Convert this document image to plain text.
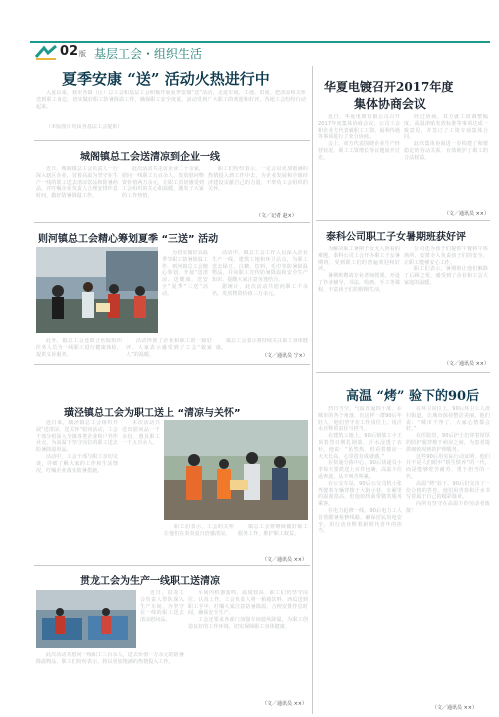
02 版 基层工会・组织生活
夏季安康 “送” 活动火热进行中

入夏以来，我市各镇（区）总工会和基层工会积极开展夏季安康“送”活动，走进车间、工地、田间，把清凉和关怀送到职工身边，切实做好职工防暑降温工作，确保职工安全度夏，活动受到广大职工的欢迎和好评。各地工会纷纷行动起来。

（本版图片均由各基层工会提供）

城阁镇总工会送清凉到企业一线

近日，城阁镇总工会负责人一行深入辖区企业，冒着高温为坚守在生产一线的职工送去清凉饮品和防暑药品，并叮嘱企业负责人合理安排作息时间，做好防暑降温工作。

此次活动共走访企业二十余家，慰问一线职工五百余人，发放慰问物资价值两万余元，让职工真切感受到工会组织的关心和温暖，激发了大家的工作热情。

职工们纷纷表示，一定会以更加饱满的热情投入到工作中去，为企业发展和全镇经济建设贡献自己的力量，不辜负工会组织的关怀。

（文／记者 赵×）
则河镇总工会精心筹划夏季 “三送” 活动

为切实做好高温季节职工防暑降温工作，则河镇总工会精心筹划，开展“送清凉、送健康、送安全”夏季“三送”活动。

活动中，镇总工会工作人员深入企业生产一线、建筑工地和环卫站点，为职工送去绿豆、白糖、饮料、毛巾等防暑降温物品，并向职工宣传防暑降温和安全生产知识，提醒大家注意劳逸结合。

据统计，此次活动共慰问职工千余名，发放物资价值三万余元。

此外，镇总工会还联合医院组织医务人员为一线职工进行健康体检，提供义诊服务。

活动得到了企业和职工的一致好评，大家表示感受到了工会“娘家人”的温暖。

镇总工会表示将持续关注职工身体健康。

（文／通讯员 宁×）
璜泾镇总工会为职工送上 “清凉与关怀”

连日来，璜泾镇总工会组织开展“送清凉、送关怀”慰问活动，工会干部分组深入全镇各类企业和户外作业点，为高温下坚守岗位的职工送去防暑降温用品。

活动中，工会干部与职工亲切交谈，详细了解大家的工作和生活情况，叮嘱企业落实防暑措施。

本次活动共送出慰问品一千余份，惠及职工一千五百余人。

职工们表示，工会的关怀让他们在炎炎夏日倍感清凉。

镇总工会将继续做好职工服务工作，维护职工权益。

（文／通讯员 ××）
贯龙工会为生产一线职工送清凉

近日，贯龙工会负责人带队深入生产车间，为坚守在一线的职工送去清凉慰问品。

车间内机器轰鸣、温度较高，职工们仍坚守岗位、认真工作。工会负责人将一箱箱饮料、西瓜送到职工手中，叮嘱大家注意防暑降温，合理安排作息时间，确保安全生产。

工会还要求各部门加强车间通风降温，为职工创造良好的工作环境，切实保障职工身体健康。

此次活动共慰问一线职工三百余人，送去价值一万余元的防暑降温物品，职工们纷纷表示，将以更加饱满的热情投入工作。

（文／通讯员 ××）
华夏电镀召开2017年度
集体协商会议

近日，华夏电镀有限公司召开2017年度集体协商会议，公司工会和企业方代表就职工工资、福利待遇等事项进行了充分协商。

会上，双方代表围绕企业生产经营状况、职工工资增长等议题展开讨论。

经过协商，双方就工资调整幅度、高温津贴发放标准等事项达成一致意见，并签订了工资专项集体合同。

此次集体协商进一步构建了和谐稳定的劳动关系，有效维护了职工的合法权益。

（文／通讯员 ××）
泰科公司职工子女暑期班获好评

为解决职工暑期子女无人照看的难题，泰科公司工会开办职工子女暑期班，受到职工们的普遍欢迎和好评。

暑期班聘请专业老师授课，开设了作业辅导、书法、绘画、手工等课程，丰富孩子们的假期生活。

公司还为孩子们提供午餐和午休场所，安排专人负责孩子们的安全，让职工能够安心工作。

职工们表示，暑期班让他们解除了后顾之忧，感受到了企业和工会大家庭的温暖。

（文／通讯员 ××）
高温 “烤” 验下的90后

烈日当空，气温直逼四十度。在城市的各个角落，有这样一群90后年轻人，他们坚守在工作岗位上，用汗水诠释着责任与担当。

在建筑工地上，90后钢筋工小王顶着烈日绑扎钢筋，汗水浸透了衣衫。他说：“虽然热，但看着楼房一天天长高，心里很有成就感。”

在快递分拣中心，90后快递员小李每天要派送上百件包裹，高温下往返奔波，从不叫苦叫累。

在公交车站，90后公交司机小张驾驶着车辆穿梭于大街小巷，车厢里的温度很高，但他始终面带微笑服务乘客。

在电力抢修一线，90后电力工人冒着酷暑检修线路，确保居民用电安全，用行动诠释着新时代青年的担当。

在环卫岗位上，90后环卫工人清扫街道，让城市保持整洁美丽。他们说：“城市干净了，大家心情都会好。”

在医院里，90后护士们穿着厚厚的防护服穿梭于病房之间，为患者提供细致周到的护理服务。

这些90后用实际行动证明，他们并不是人们眼中“娇生惯养”的一代，而是能够吃苦耐劳、勇于担当的一代。

高温“烤”验下，90后们交出了一份合格的答卷，他们用青春和汗水书写着属于自己的精彩篇章。

向所有坚守在高温下的劳动者致敬！

（文／通讯员 ××）
